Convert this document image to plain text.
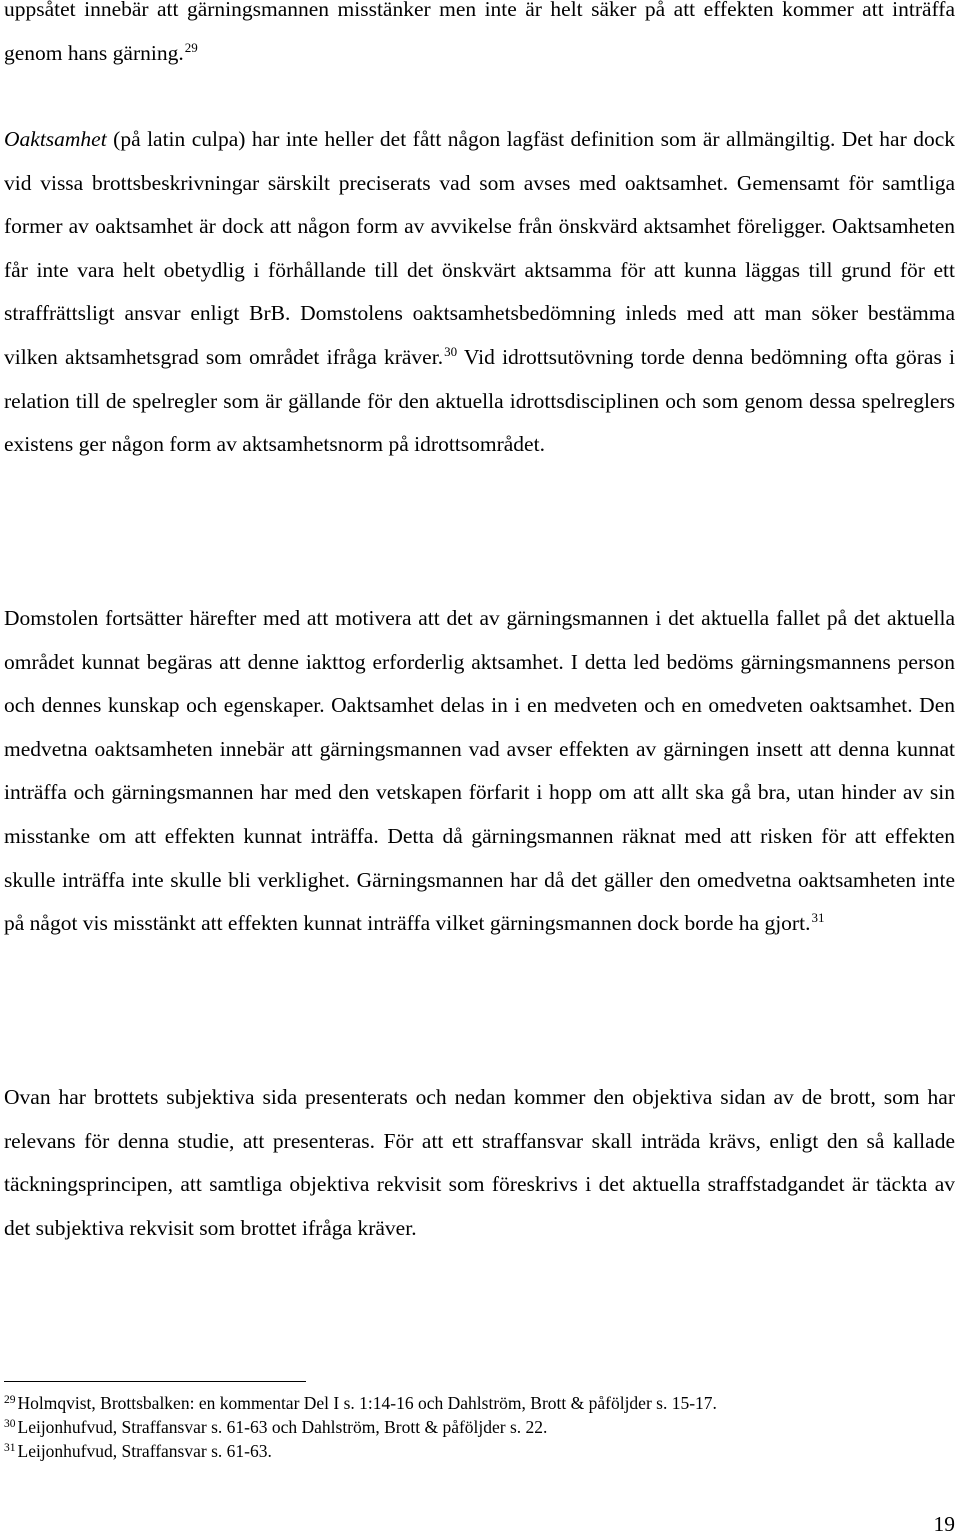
uppsåtet innebär att gärningsmannen misstänker men inte är helt säker på att effekten kommer att inträffa genom hans gärning.$^{29}$

Oaktsamhet (på latin culpa) har inte heller det fått någon lagfäst definition som är allmängiltig. Det har dock vid vissa brottsbeskrivningar särskilt preciserats vad som avses med oaktsamhet. Gemensamt för samtliga former av oaktsamhet är dock att någon form av avvikelse från önskvärd aktsamhet föreligger. Oaktsamheten får inte vara helt obetydlig i förhållande till det önskvärt aktsamma för att kunna läggas till grund för ett straffrättsligt ansvar enligt BrB. Domstolens oaktsamhetsbedömning inleds med att man söker bestämma vilken aktsamhetsgrad som området ifråga kräver.$^{30}$ Vid idrottsutövning torde denna bedömning ofta göras i relation till de spelregler som är gällande för den aktuella idrottsdisciplinen och som genom dessa spelreglers existens ger någon form av aktsamhetsnorm på idrottsområdet.

Domstolen fortsätter härefter med att motivera att det av gärningsmannen i det aktuella fallet på det aktuella området kunnat begäras att denne iakttog erforderlig aktsamhet. I detta led bedöms gärningsmannens person och dennes kunskap och egenskaper. Oaktsamhet delas in i en medveten och en omedveten oaktsamhet. Den medvetna oaktsamheten innebär att gärningsmannen vad avser effekten av gärningen insett att denna kunnat inträffa och gärningsmannen har med den vetskapen förfarit i hopp om att allt ska gå bra, utan hinder av sin misstanke om att effekten kunnat inträffa. Detta då gärningsmannen räknat med att risken för att effekten skulle inträffa inte skulle bli verklighet. Gärningsmannen har då det gäller den omedvetna oaktsamheten inte på något vis misstänkt att effekten kunnat inträffa vilket gärningsmannen dock borde ha gjort.$^{31}$

Ovan har brottets subjektiva sida presenterats och nedan kommer den objektiva sidan av de brott, som har relevans för denna studie, att presenteras. För att ett straffansvar skall inträda krävs, enligt den så kallade täckningsprincipen, att samtliga objektiva rekvisit som föreskrivs i det aktuella straffstadgandet är täckta av det subjektiva rekvisit som brottet ifråga kräver.

$^{29}$ Holmqvist, Brottsbalken: en kommentar Del I s. 1:14-16 och Dahlström, Brott & påföljder s. 15-17.

$^{30}$ Leijonhufvud, Straffansvar s. 61-63 och Dahlström, Brott & påföljder s. 22.

$^{31}$ Leijonhufvud, Straffansvar s. 61-63.

19
